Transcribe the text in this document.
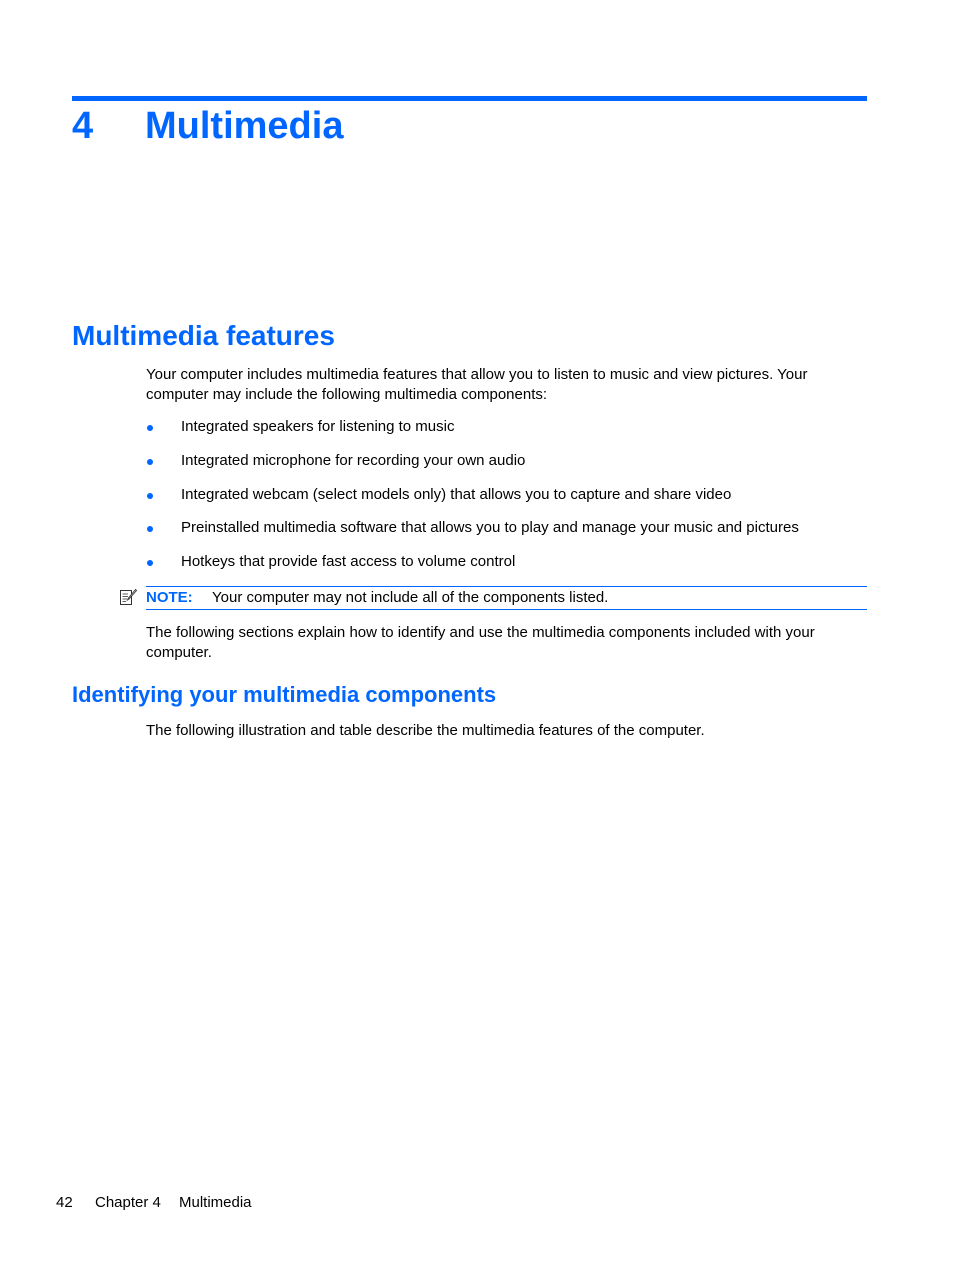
4 Multimedia
Multimedia features

Your computer includes multimedia features that allow you to listen to music and view pictures. Your computer may include the following multimedia components:

Integrated speakers for listening to music
Integrated microphone for recording your own audio
Integrated webcam (select models only) that allows you to capture and share video
Preinstalled multimedia software that allows you to play and manage your music and pictures
Hotkeys that provide fast access to volume control
NOTE: Your computer may not include all of the components listed.

The following sections explain how to identify and use the multimedia components included with your computer.

Identifying your multimedia components

The following illustration and table describe the multimedia features of the computer.

42 Chapter 4 Multimedia
